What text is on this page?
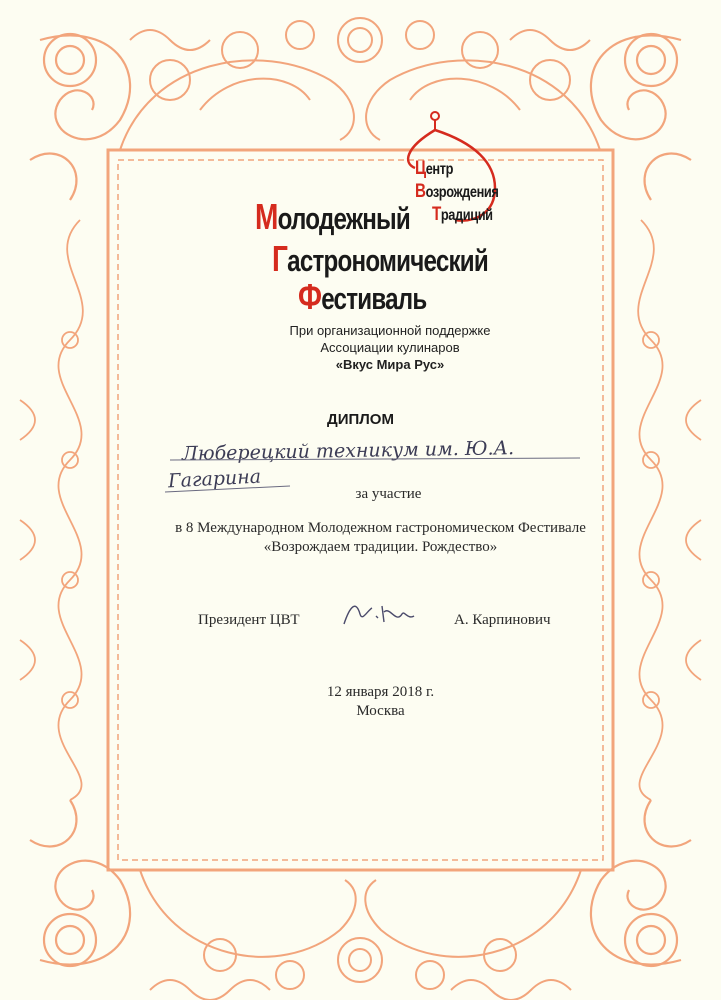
Центр
Молодежный
Гастрономический
Фестиваль
При организационной поддержке
Ассоциации кулинаров
«Вкус Мира Рус»
ДИПЛОМ
Люберецкий техникум им. Ю.А.
Гагарина
за участие
в 8 Международном Молодежном гастрономическом Фестивале
«Возрождаем традиции. Рождество»
Президент ЦВТ	А. Карпинович
12 января 2018 г.
Москва
Возрождения
Традиций
